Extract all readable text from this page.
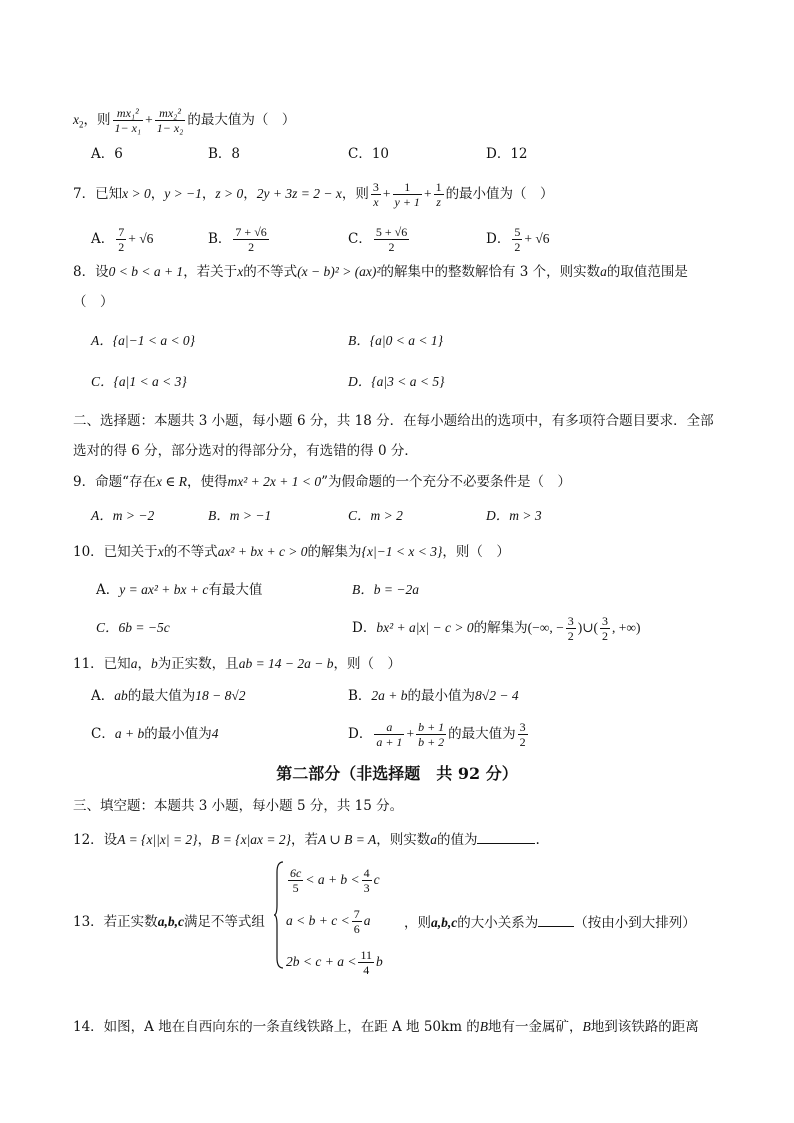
$x_2$，则 $\frac{\text{mx₁²}}{\text{1− x₁}} + \frac{\text{mx₂²}}{\text{1− x₂}}$ 的最大值为（　）
A．6	B．8	C．10	D．12
7．已知x > 0，y > −1，z > 0，2y + 3z = 2 − x，则 $\frac{3}{x} + \frac{1}{y + 1} + \frac{1}{z}$ 的最小值为（　）
A． $\frac{7}{2} + √6$	B． $\frac{7 + √6}{2}$	C． $\frac{5 + √6}{2}$	D． $\frac{5}{2} + √6$
8．设0 < b < a + 1，若关于x的不等式(x − b)² > (ax)²的解集中的整数解恰有 3 个，则实数a的取值范围是
（　）
A．{a|−1 < a < 0}	B．{a|0 < a < 1}
C．{a|1 < a < 3}	D．{a|3 < a < 5}
二、选择题：本题共 3 小题，每小题 6 分，共 18 分．在每小题给出的选项中，有多项符合题目要求．全部
选对的得 6 分，部分选对的得部分分，有选错的得 0 分．
9．命题“存在x ∈ R，使得mx² + 2x + 1 < 0”为假命题的一个充分不必要条件是（　）
A．m > −2	B．m > −1	C．m > 2	D．m > 3
10．已知关于x的不等式ax² + bx + c > 0的解集为{x|−1 < x < 3}，则（　）
A．y = ax² + bx + c有最大值	B．b = −2a
C．6b = −5c	D．bx² + a|x| − c > 0的解集为(−∞, − $\frac{3}{2}$ )∪( $\frac{3}{2}$ , +∞)
11．已知a，b为正实数，且ab = 14 − 2a − b，则（　）
A．ab的最大值为18 − 8√2	B．2a + b的最小值为8√2 − 4
C．a + b的最小值为4	D． $\frac{a}{a + 1} + \frac{b + 1}{b + 2}$ 的最大值为 $\frac{3}{2}$
第二部分（非选择题　共 92 分）
三、填空题：本题共 3 小题，每小题 5 分，共 15 分。
12．设A = {x||x| = 2}，B = {x|ax = 2}，若A ∪ B = A，则实数a的值为	.
13．若正实数a,b,c满足不等式组
$\frac{6c}{5} < a + b < \frac{4}{3}$ c
$a < b + c < \frac{7}{6}$ a
$2b < c + a < \frac{11}{4}$ b
，则a,b,c的大小关系为	（按由小到大排列）
14．如图，A 地在自西向东的一条直线铁路上，在距 A 地 50km 的B地有一金属矿，B地到该铁路的距离
